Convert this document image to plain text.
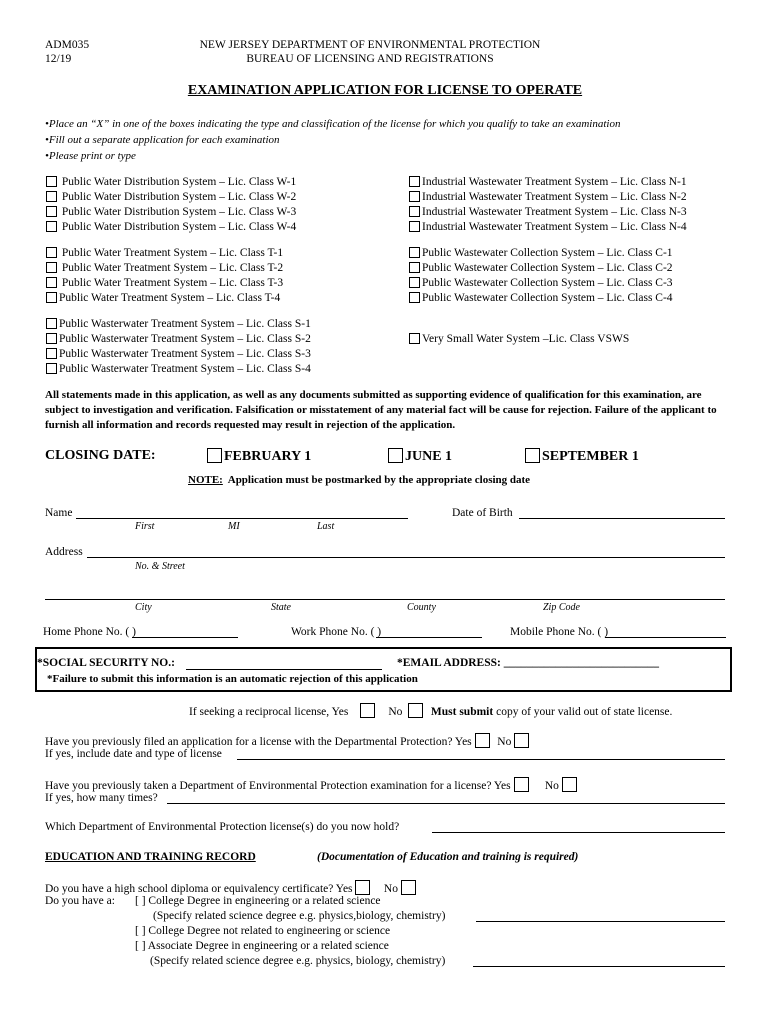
ADM035
12/19
NEW JERSEY DEPARTMENT OF ENVIRONMENTAL PROTECTION
BUREAU OF LICENSING AND REGISTRATIONS
EXAMINATION APPLICATION FOR LICENSE TO OPERATE
•Place an “X” in one of the boxes indicating the type and classification of the license for which you qualify to take an examination
•Fill out a separate application for each examination
•Please print or type
Public Water Distribution System – Lic. Class W-1
Public Water Distribution System – Lic. Class W-2
Public Water Distribution System – Lic. Class W-3
Public Water Distribution System – Lic. Class W-4
Public Water Treatment System – Lic. Class T-1
Public Water Treatment System – Lic. Class T-2
Public Water Treatment System – Lic. Class T-3
Public Water Treatment System – Lic. Class T-4
Public Wasterwater Treatment System – Lic. Class S-1
Public Wasterwater Treatment System – Lic. Class S-2
Public Wasterwater Treatment System – Lic. Class S-3
Public Wasterwater Treatment System – Lic. Class S-4
Industrial Wastewater Treatment System – Lic. Class N-1
Industrial Wastewater Treatment System – Lic. Class N-2
Industrial Wastewater Treatment System – Lic. Class N-3
Industrial Wastewater Treatment System – Lic. Class N-4
Public Wastewater Collection System – Lic. Class C-1
Public Wastewater Collection System – Lic. Class C-2
Public Wastewater Collection System – Lic. Class C-3
Public Wastewater Collection System – Lic. Class C-4
Very Small Water System –Lic. Class VSWS
All statements made in this application, as well as any documents submitted as supporting evidence of qualification for this examination, are subject to investigation and verification. Falsification or misstatement of any material fact will be cause for rejection. Failure of the applicant to furnish all information and records requested may result in rejection of the application.
CLOSING DATE:	FEBRUARY 1	JUNE 1	SEPTEMBER 1
NOTE: Application must be postmarked by the appropriate closing date
Name
First	MI	Last
Date of Birth
Address
No. & Street
City	State	County	Zip Code
Home Phone No. ( )	Work Phone No. ( )	Mobile Phone No. ( )
*SOCIAL SECURITY NO.:	*EMAIL ADDRESS: ___________________________
*Failure to submit this information is an automatic rejection of this application
If seeking a reciprocal license, Yes	No Must submit copy of your valid out of state license.
Have you previously filed an application for a license with the Departmental Protection? Yes No
If yes, include date and type of license
Have you previously taken a Department of Environmental Protection examination for a license? Yes	No
If yes, how many times?
Which Department of Environmental Protection license(s) do you now hold?
EDUCATION AND TRAINING RECORD	(Documentation of Education and training is required)
Do you have a high school diploma or equivalency certificate? Yes	No
Do you have a: [ ] College Degree in engineering or a related science
(Specify related science degree e.g. physics,biology, chemistry)
[ ] College Degree not related to engineering or science
[ ] Associate Degree in engineering or a related science
(Specify related science degree e.g. physics, biology, chemistry)
